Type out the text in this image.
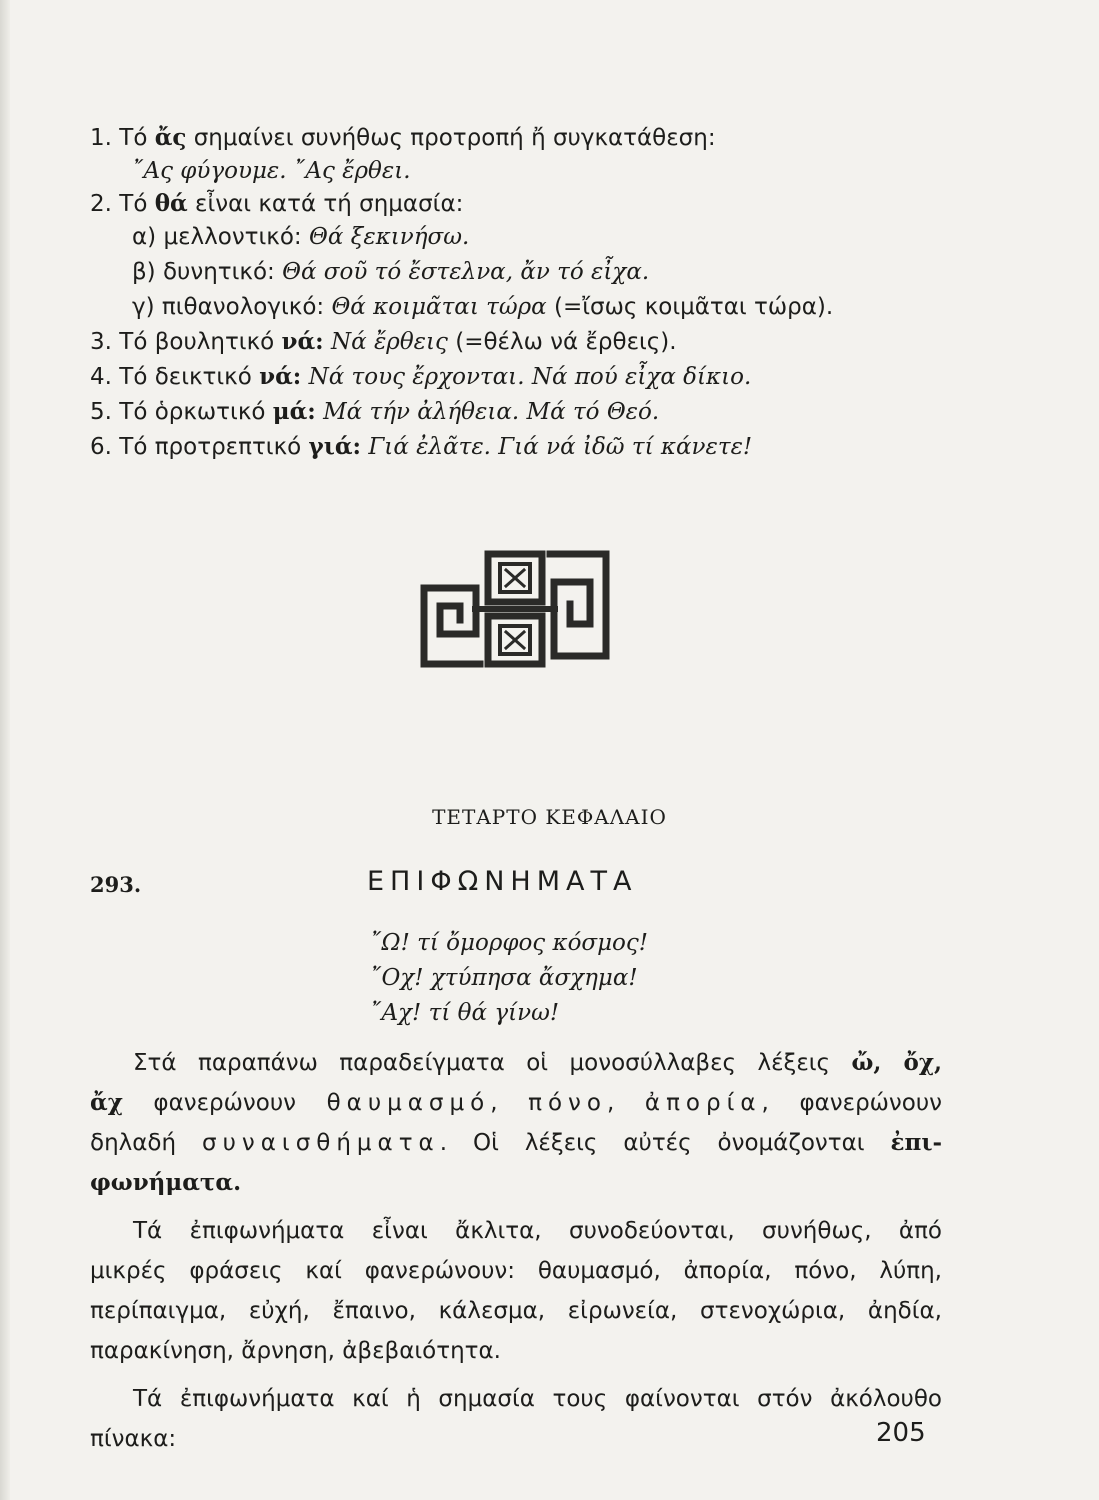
1. Τό ἄς σημαίνει συνήθως προτροπή ἤ συγκατάθεση:
῎Ας φύγουμε. ῎Ας ἔρθει.
2. Τό θά εἶναι κατά τή σημασία:
α) μελλοντικό: Θά ξεκινήσω.
β) δυνητικό: Θά σοῦ τό ἔστελνα, ἄν τό εἶχα.
γ) πιθανολογικό: Θά κοιμᾶται τώρα (=ἴσως κοιμᾶται τώρα).
3. Τό βουλητικό νά: Νά ἔρθεις (=θέλω νά ἔρθεις).
4. Τό δεικτικό νά: Νά τους ἔρχονται. Νά πού εἶχα δίκιο.
5. Τό ὁρκωτικό μά: Μά τήν ἀλήθεια. Μά τό Θεό.
6. Τό προτρεπτικό γιά: Γιά ἐλᾶτε. Γιά νά ἰδῶ τί κάνετε!
ΤΕΤΑΡΤΟ ΚΕΦΑΛΑΙΟ
293.	ΕΠΙΦΩΝΗΜΑΤΑ
῎Ω! τί ὄμορφος κόσμος!
῎Οχ! χτύπησα ἄσχημα!
῎Αχ! τί θά γίνω!
Στά παραπάνω παραδείγματα οἱ μονοσύλλαβες λέξεις ὤ, ὄχ,
ἄχ φανερώνουν θαυμασμό, πόνο, ἀπορία, φανερώνουν
δηλαδή συναισθήματα. Οἱ λέξεις αὐτές ὀνομάζονται ἐπι-
φωνήματα.
Τά ἐπιφωνήματα εἶναι ἄκλιτα, συνοδεύονται, συνήθως, ἀπό
μικρές φράσεις καί φανερώνουν: θαυμασμό, ἀπορία, πόνο, λύπη,
περίπαιγμα, εὐχή, ἔπαινο, κάλεσμα, εἰρωνεία, στενοχώρια, ἀηδία,
παρακίνηση, ἄρνηση, ἀβεβαιότητα.
Τά ἐπιφωνήματα καί ἡ σημασία τους φαίνονται στόν ἀκόλουθο
πίνακα:	205
